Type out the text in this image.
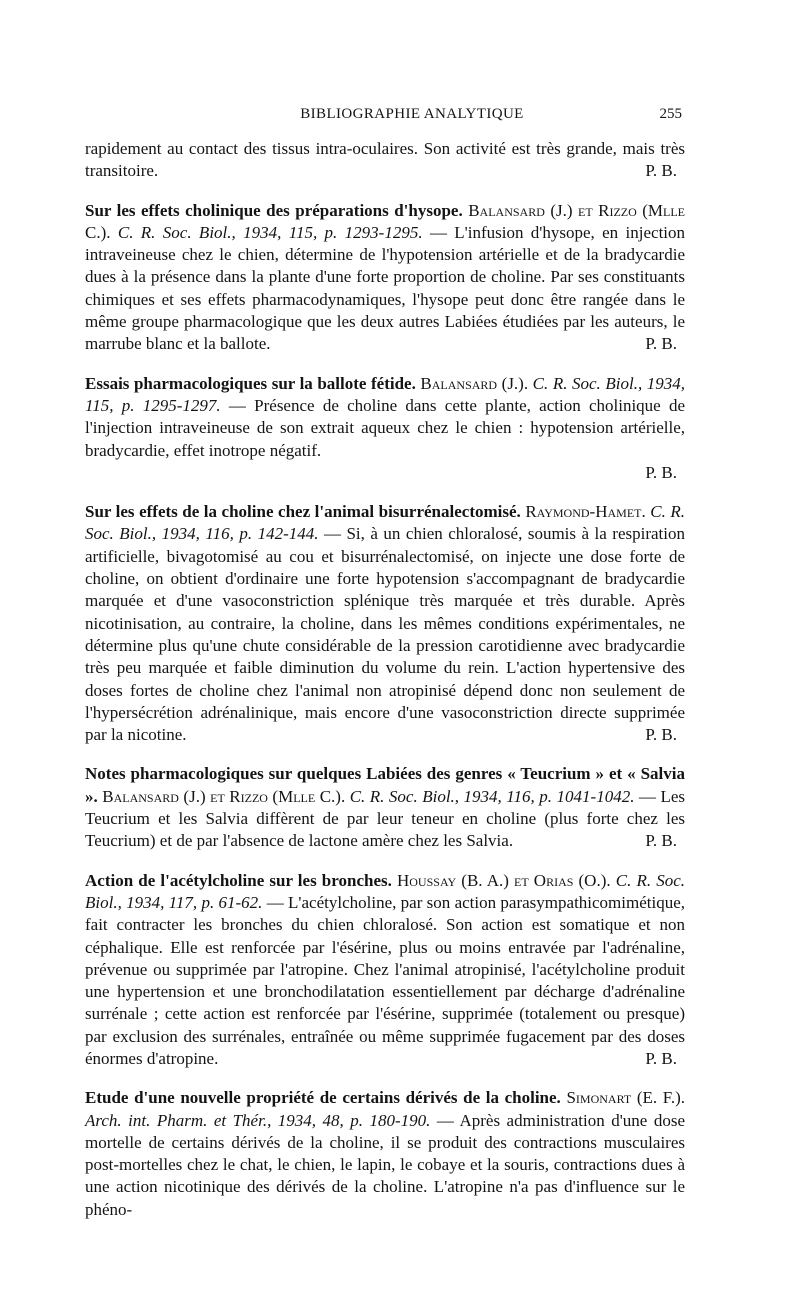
BIBLIOGRAPHIE ANALYTIQUE	255

rapidement au contact des tissus intra-oculaires. Son activité est très grande, mais très transitoire.	P. B.

Sur les effets cholinique des préparations d'hysope. Balansard (J.) et Rizzo (Mlle C.). C. R. Soc. Biol., 1934, 115, p. 1293-1295. — L'infusion d'hysope, en injection intraveineuse chez le chien, détermine de l'hypotension artérielle et de la bradycardie dues à la présence dans la plante d'une forte proportion de choline. Par ses constituants chimiques et ses effets pharmacodynamiques, l'hysope peut donc être rangée dans le même groupe pharmacologique que les deux autres Labiées étudiées par les auteurs, le marrube blanc et la ballote.	P. B.

Essais pharmacologiques sur la ballote fétide. Balansard (J.). C. R. Soc. Biol., 1934, 115, p. 1295-1297. — Présence de choline dans cette plante, action cholinique de l'injection intraveineuse de son extrait aqueux chez le chien : hypotension artérielle, bradycardie, effet inotrope négatif.
P. B.

Sur les effets de la choline chez l'animal bisurrénalectomisé. Raymond-Hamet. C. R. Soc. Biol., 1934, 116, p. 142-144. — Si, à un chien chloralosé, soumis à la respiration artificielle, bivagotomisé au cou et bisurrénalectomisé, on injecte une dose forte de choline, on obtient d'ordinaire une forte hypotension s'accompagnant de bradycardie marquée et d'une vasoconstriction splénique très marquée et très durable. Après nicotinisation, au contraire, la choline, dans les mêmes conditions expérimentales, ne détermine plus qu'une chute considérable de la pression carotidienne avec bradycardie très peu marquée et faible diminution du volume du rein. L'action hypertensive des doses fortes de choline chez l'animal non atropinisé dépend donc non seulement de l'hypersécrétion adrénalinique, mais encore d'une vasoconstriction directe supprimée par la nicotine.	P. B.

Notes pharmacologiques sur quelques Labiées des genres « Teucrium » et « Salvia ». Balansard (J.) et Rizzo (Mlle C.). C. R. Soc. Biol., 1934, 116, p. 1041-1042. — Les Teucrium et les Salvia diffèrent de par leur teneur en choline (plus forte chez les Teucrium) et de par l'absence de lactone amère chez les Salvia.	P. B.

Action de l'acétylcholine sur les bronches. Houssay (B. A.) et Orias (O.). C. R. Soc. Biol., 1934, 117, p. 61-62. — L'acétylcholine, par son action parasympathicomimétique, fait contracter les bronches du chien chloralosé. Son action est somatique et non céphalique. Elle est renforcée par l'ésérine, plus ou moins entravée par l'adrénaline, prévenue ou supprimée par l'atropine. Chez l'animal atropinisé, l'acétylcholine produit une hypertension et une bronchodilatation essentiellement par décharge d'adrénaline surrénale ; cette action est renforcée par l'ésérine, supprimée (totalement ou presque) par exclusion des surrénales, entraînée ou même supprimée fugacement par des doses énormes d'atropine.	P. B.

Etude d'une nouvelle propriété de certains dérivés de la choline. Simonart (E. F.). Arch. int. Pharm. et Thér., 1934, 48, p. 180-190. — Après administration d'une dose mortelle de certains dérivés de la choline, il se produit des contractions musculaires post-mortelles chez le chat, le chien, le lapin, le cobaye et la souris, contractions dues à une action nicotinique des dérivés de la choline. L'atropine n'a pas d'influence sur le phéno-
